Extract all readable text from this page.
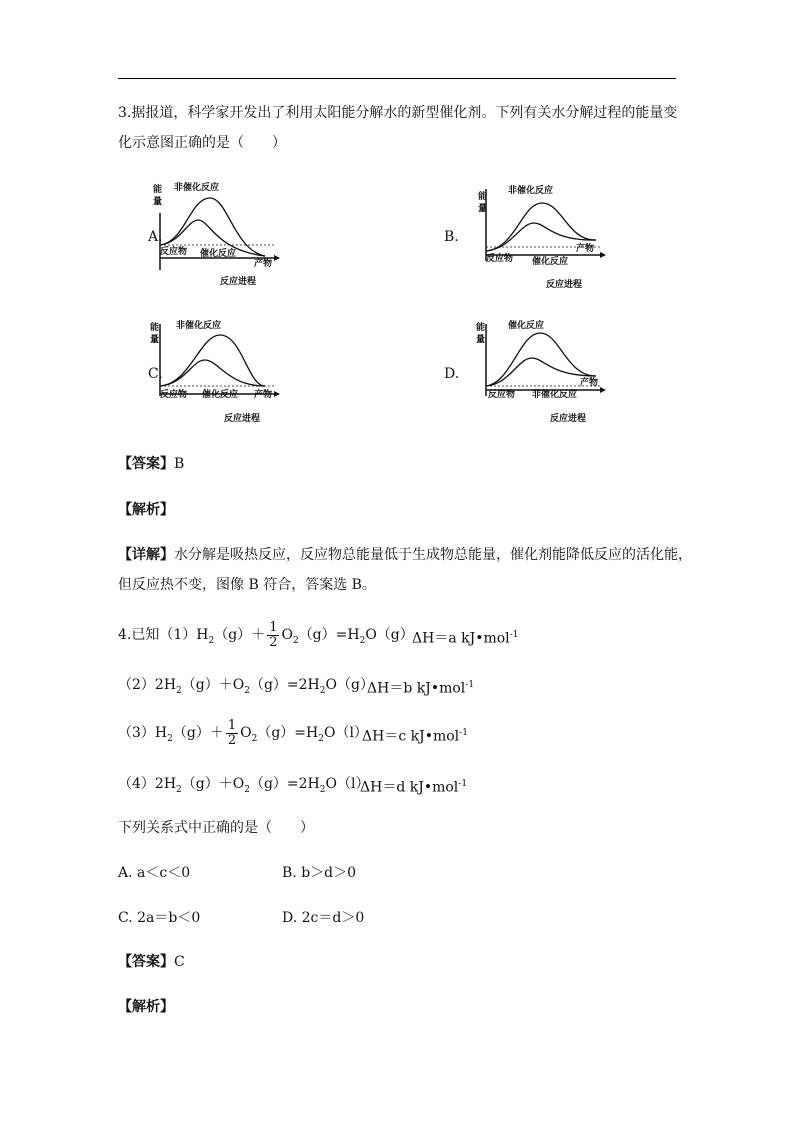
3.据报道，科学家开发出了利用太阳能分解水的新型催化剂。下列有关水分解过程的能量变
化示意图正确的是（　　）
A.
能
量
非催化反应
催化反应
反应物
产物
反应进程
B.
能
量
非催化反应
催化反应
反应物
产物
反应进程
C.
能
量
非催化反应
催化反应
反应物	产物
反应进程
D.
能
量
催化反应
非催化反应
反应物
产物
反应进程
【答案】B
【解析】
【详解】水分解是吸热反应，反应物总能量低于生成物总能量，催化剂能降低反应的活化能，
但反应热不变，图像 B 符合，答案选 B。
4.已知$(1)H_2(g)+ \frac{1}{2} O_2(g)=H_2O(g)$
ΔH＝a kJ•mol$^{-1}$
$(2)2H_2(g)+O_2(g)=2H_2O(g)$
ΔH＝b kJ•mol$^{-1}$
$(3)H_2(g)+ \frac{1}{2} O_2(g)=H_2O(l)$
ΔH＝c kJ•mol$^{-1}$
$(4)2H_2(g)+O_2(g)=2H_2O(l)$
ΔH＝d kJ•mol$^{-1}$
下列关系式中正确的是（　　）
A. a＜c＜0	B. b＞d＞0
C. 2a＝b＜0	D. 2c＝d＞0
【答案】C
【解析】
